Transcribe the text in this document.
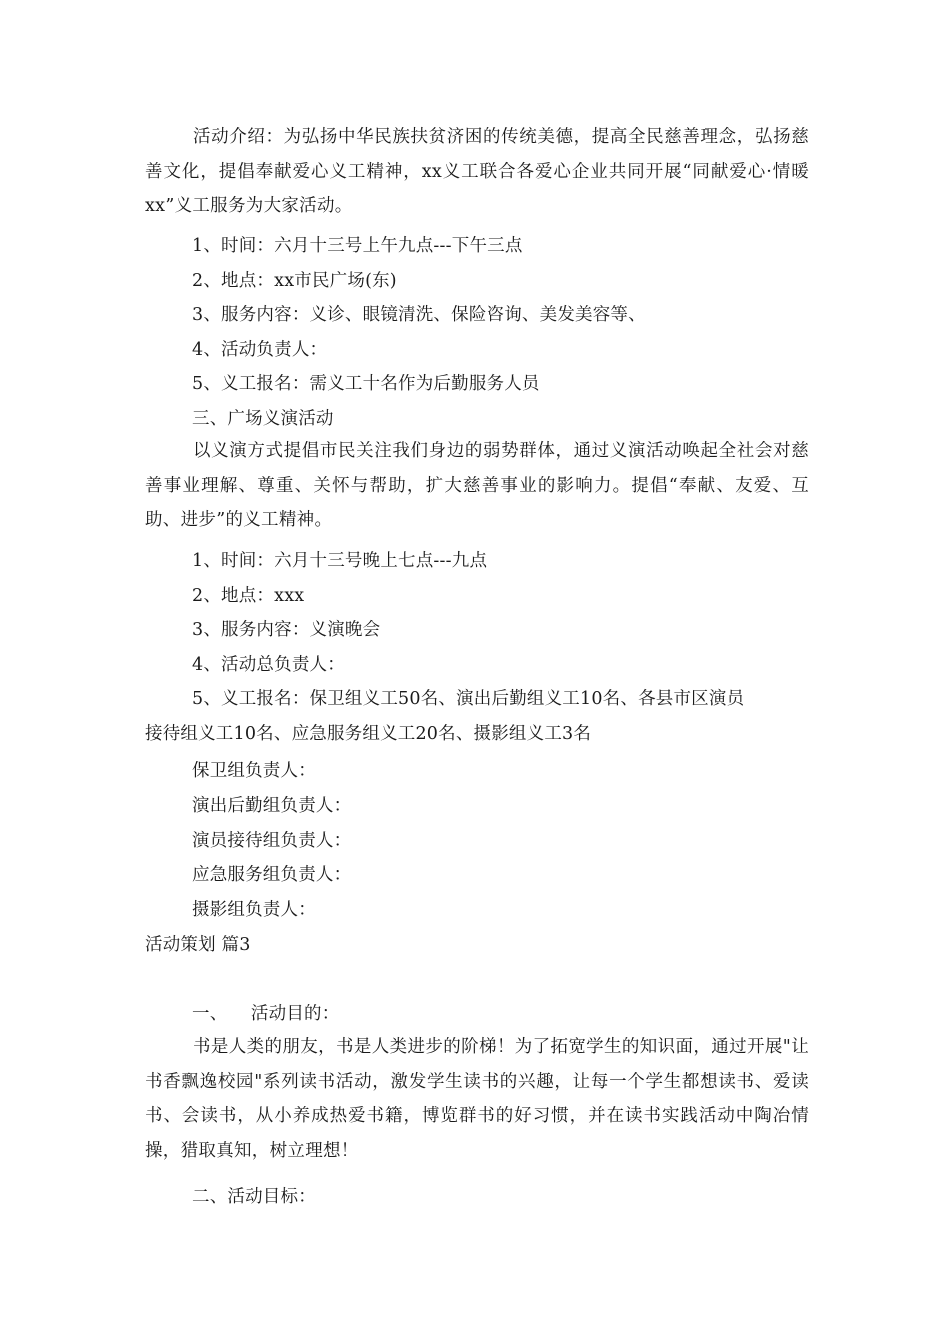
活动介绍：为弘扬中华民族扶贫济困的传统美德，提高全民慈善理念，弘扬慈善文化，提倡奉献爱心义工精神，xx义工联合各爱心企业共同开展“同献爱心·情暖xx”义工服务为大家活动。
1、时间：六月十三号上午九点---下午三点
2、地点：xx市民广场(东)
3、服务内容：义诊、眼镜清洗、保险咨询、美发美容等、
4、活动负责人：
5、义工报名：需义工十名作为后勤服务人员
三、广场义演活动
以义演方式提倡市民关注我们身边的弱势群体，通过义演活动唤起全社会对慈善事业理解、尊重、关怀与帮助，扩大慈善事业的影响力。提倡“奉献、友爱、互助、进步”的义工精神。
1、时间：六月十三号晚上七点---九点
2、地点：xxx
3、服务内容：义演晚会
4、活动总负责人：
5、义工报名：保卫组义工50名、演出后勤组义工10名、各县市区演员
接待组义工10名、应急服务组义工20名、摄影组义工3名
保卫组负责人：
演出后勤组负责人：
演员接待组负责人：
应急服务组负责人：
摄影组负责人：
活动策划 篇3
一、  活动目的：
书是人类的朋友，书是人类进步的阶梯！为了拓宽学生的知识面，通过开展"让书香飘逸校园"系列读书活动，激发学生读书的兴趣，让每一个学生都想读书、爱读书、会读书，从小养成热爱书籍，博览群书的好习惯，并在读书实践活动中陶冶情操，猎取真知，树立理想！
二、活动目标：
